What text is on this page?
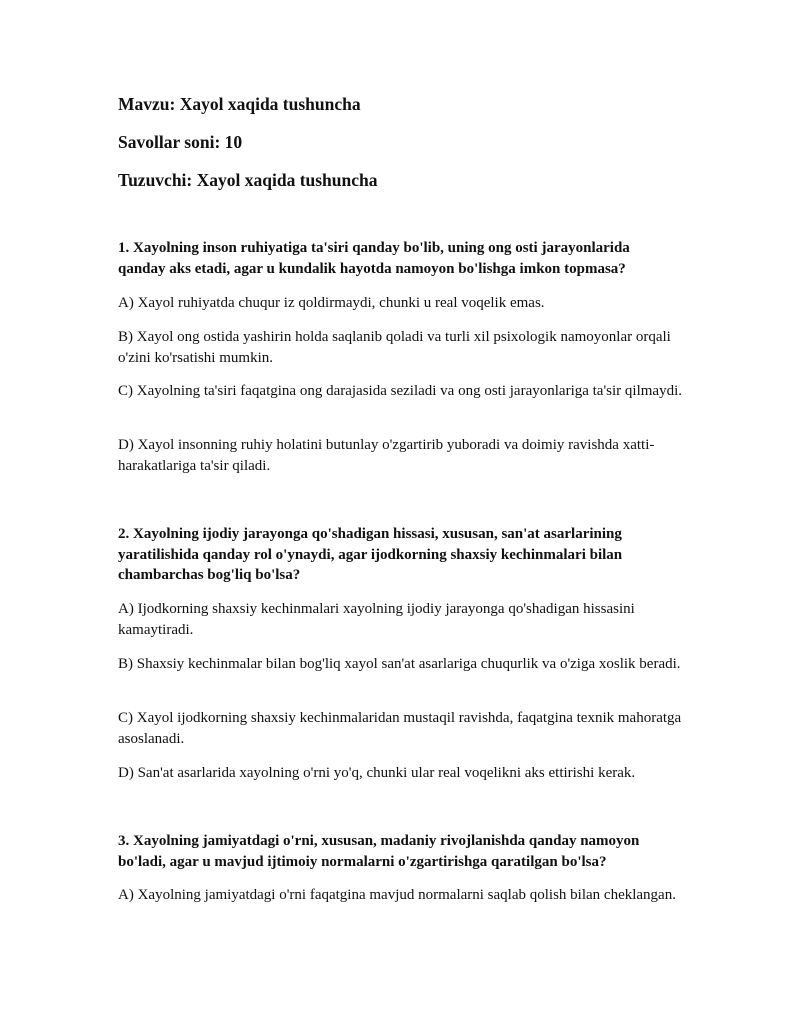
Mavzu: Xayol xaqida tushuncha
Savollar soni: 10
Tuzuvchi: Xayol xaqida tushuncha
1. Xayolning inson ruhiyatiga ta'siri qanday bo'lib, uning ong osti jarayonlarida qanday aks etadi, agar u kundalik hayotda namoyon bo'lishga imkon topmasa?
A) Xayol ruhiyatda chuqur iz qoldirmaydi, chunki u real voqelik emas.
B) Xayol ong ostida yashirin holda saqlanib qoladi va turli xil psixologik namoyonlar orqali o'zini ko'rsatishi mumkin.
C) Xayolning ta'siri faqatgina ong darajasida seziladi va ong osti jarayonlariga ta'sir qilmaydi.
D) Xayol insonning ruhiy holatini butunlay o'zgartirib yuboradi va doimiy ravishda xatti-harakatlariga ta'sir qiladi.
2. Xayolning ijodiy jarayonga qo'shadigan hissasi, xususan, san'at asarlarining yaratilishida qanday rol o'ynaydi, agar ijodkorning shaxsiy kechinmalari bilan chambarchas bog'liq bo'lsa?
A) Ijodkorning shaxsiy kechinmalari xayolning ijodiy jarayonga qo'shadigan hissasini kamaytiradi.
B) Shaxsiy kechinmalar bilan bog'liq xayol san'at asarlariga chuqurlik va o'ziga xoslik beradi.
C) Xayol ijodkorning shaxsiy kechinmalaridan mustaqil ravishda, faqatgina texnik mahoratga asoslanadi.
D) San'at asarlarida xayolning o'rni yo'q, chunki ular real voqelikni aks ettirishi kerak.
3. Xayolning jamiyatdagi o'rni, xususan, madaniy rivojlanishda qanday namoyon bo'ladi, agar u mavjud ijtimoiy normalarni o'zgartirishga qaratilgan bo'lsa?
A) Xayolning jamiyatdagi o'rni faqatgina mavjud normalarni saqlab qolish bilan cheklangan.
